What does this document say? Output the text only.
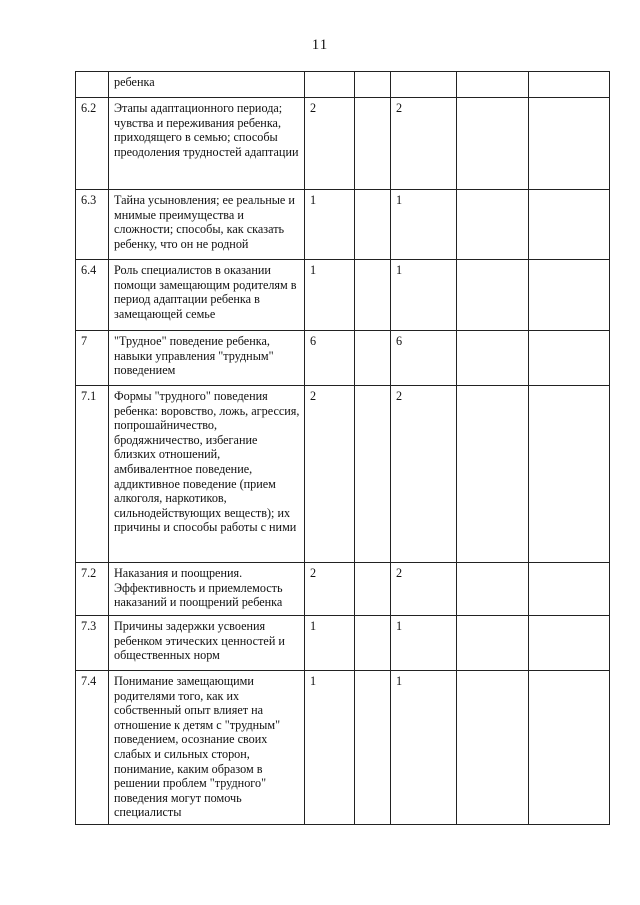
11
	ребенка					
6.2	Этапы адаптационного периода; чувства и переживания ребенка, приходящего в семью; способы преодоления трудностей адаптации	2		2		
6.3	Тайна усыновления; ее реальные и мнимые преимущества и сложности; способы, как сказать ребенку, что он не родной	1		1		
6.4	Роль специалистов в оказании помощи замещающим родителям в период адаптации ребенка в замещающей семье	1		1		
7	"Трудное" поведение ребенка, навыки управления "трудным" поведением	6		6		
7.1	Формы "трудного" поведения ребенка: воровство, ложь, агрессия, попрошайничество, бродяжничество, избегание близких отношений, амбивалентное поведение, аддиктивное поведение (прием алкоголя, наркотиков, сильнодействующих веществ); их причины и способы работы с ними	2		2		
7.2	Наказания и поощрения. Эффективность и приемлемость наказаний и поощрений ребенка	2		2		
7.3	Причины задержки усвоения ребенком этических ценностей и общественных норм	1		1		
7.4	Понимание замещающими родителями того, как их собственный опыт влияет на отношение к детям с "трудным" поведением, осознание своих слабых и сильных сторон, понимание, каким образом в решении проблем "трудного" поведения могут помочь специалисты	1		1		
